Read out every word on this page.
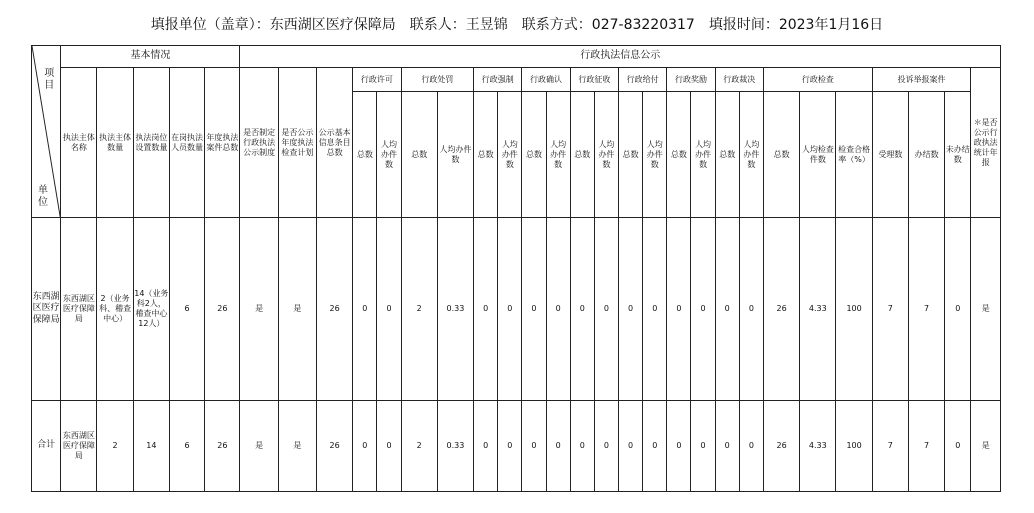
填报单位（盖章）：东西湖区医疗保障局　联系人：王昱锦　联系方式：027-83220317　填报时间：2023年1月16日
项目
单位	基本情况					行政执法信息公示																									
	执法主体名称	执法主体数量	执法岗位设置数量	在岗执法人员数量	年度执法案件总数	是否制定行政执法公示制度	是否公示年度执法检查计划	公示基本信息条目总数	行政许可		行政处罚		行政强制		行政确认		行政征收		行政给付		行政奖励		行政裁决		行政检查			投诉举报案件			＊是否公示行政执法统计年报
									总数	人均办件数	总数	人均办件数	总数	人均办件数	总数	人均办件数	总数	人均办件数	总数	人均办件数	总数	人均办件数	总数	人均办件数	总数	人均检查件数	检查合格率（%）	受理数	办结数	未办结数	
东西湖区医疗保障局	东西湖区医疗保障局	2（业务科、稽查中心）	14（业务科2人，稽查中心12人）	6	26	是	是	26	0	0	2	0.33	0	0	0	0	0	0	0	0	0	0	0	0	26	4.33	100	7	7	0	是
合计	东西湖区医疗保障局	2	14	6	26	是	是	26	0	0	2	0.33	0	0	0	0	0	0	0	0	0	0	0	0	26	4.33	100	7	7	0	是
